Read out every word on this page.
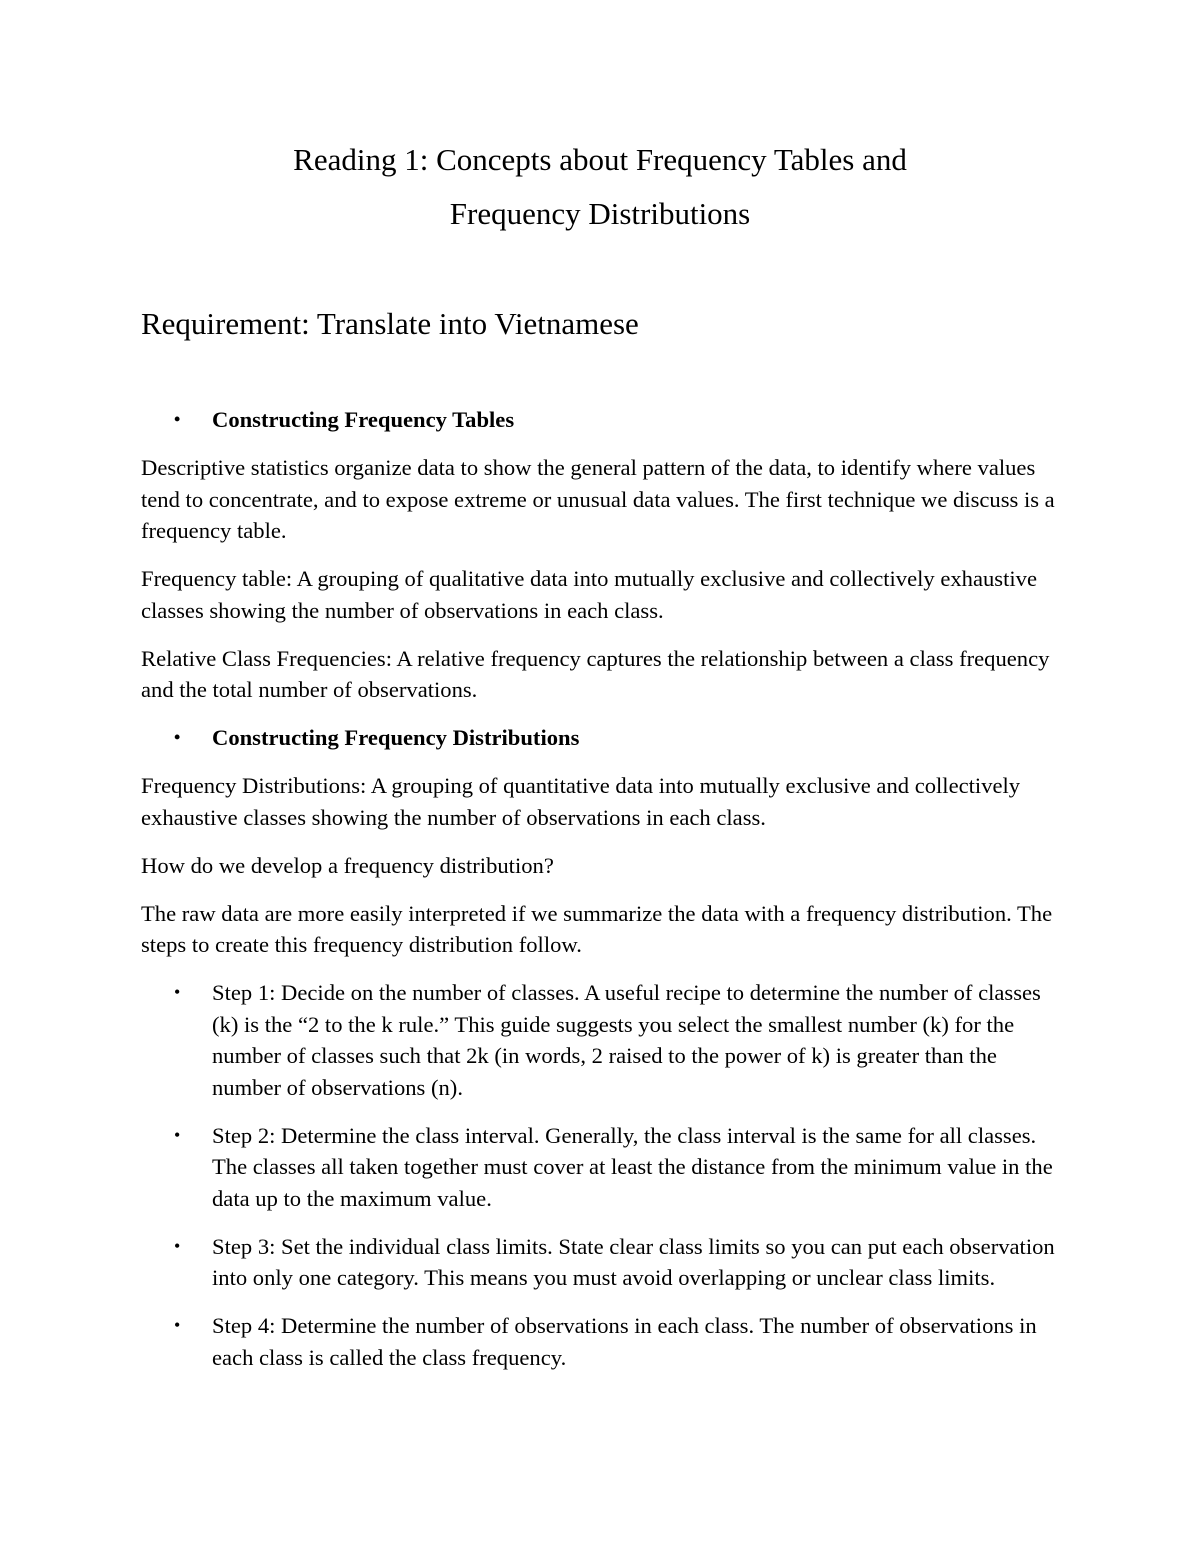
Reading 1: Concepts about Frequency Tables and
Frequency Distributions
Requirement: Translate into Vietnamese
• Constructing Frequency Tables

Descriptive statistics organize data to show the general pattern of the data, to identify where values tend to concentrate, and to expose extreme or unusual data values. The first technique we discuss is a frequency table.

Frequency table: A grouping of qualitative data into mutually exclusive and collectively exhaustive classes showing the number of observations in each class.

Relative Class Frequencies: A relative frequency captures the relationship between a class frequency and the total number of observations.

• Constructing Frequency Distributions

Frequency Distributions: A grouping of quantitative data into mutually exclusive and collectively exhaustive classes showing the number of observations in each class.

How do we develop a frequency distribution?

The raw data are more easily interpreted if we summarize the data with a frequency distribution. The steps to create this frequency distribution follow.

• Step 1: Decide on the number of classes. A useful recipe to determine the number of classes (k) is the “2 to the k rule.” This guide suggests you select the smallest number (k) for the number of classes such that 2k (in words, 2 raised to the power of k) is greater than the number of observations (n).
• Step 2: Determine the class interval. Generally, the class interval is the same for all classes. The classes all taken together must cover at least the distance from the minimum value in the data up to the maximum value.
• Step 3: Set the individual class limits. State clear class limits so you can put each observation into only one category. This means you must avoid overlapping or unclear class limits.
• Step 4: Determine the number of observations in each class. The number of observations in each class is called the class frequency.
